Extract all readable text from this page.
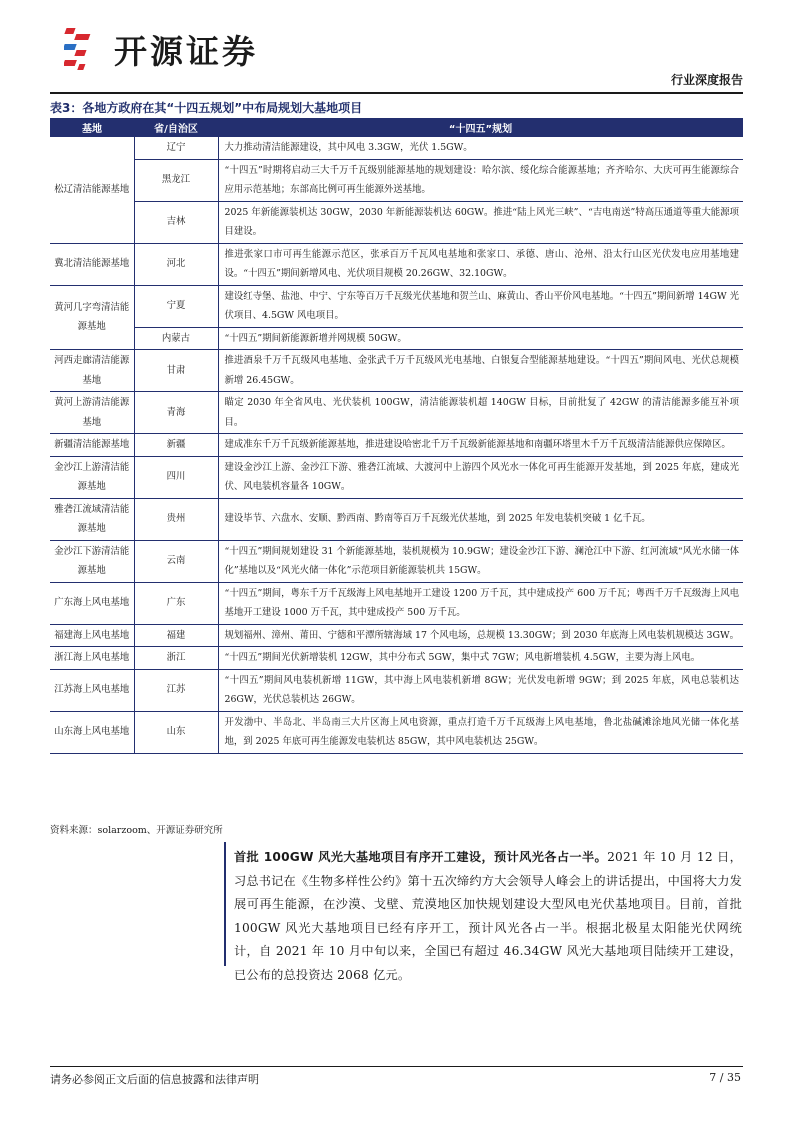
开源证券
行业深度报告
表3：各地方政府在其“十四五规划”中布局规划大基地项目
基地	省/自治区	“十四五”规划
松辽清洁能源基地	辽宁	大力推动清洁能源建设，其中风电 3.3GW，光伏 1.5GW。
	黑龙江	“十四五”时期将启动三大千万千瓦级别能源基地的规划建设：哈尔滨、绥化综合能源基地；齐齐哈尔、大庆可再生能源综合应用示范基地；东部高比例可再生能源外送基地。
	吉林	2025 年新能源装机达 30GW，2030 年新能源装机达 60GW。推进“陆上风光三峡”、“吉电南送”特高压通道等重大能源项目建设。
冀北清洁能源基地	河北	推进张家口市可再生能源示范区，张承百万千瓦风电基地和张家口、承德、唐山、沧州、沿太行山区光伏发电应用基地建设。“十四五”期间新增风电、光伏项目规模 20.26GW、32.10GW。
黄河几字弯清洁能源基地	宁夏	建设红寺堡、盐池、中宁、宁东等百万千瓦级光伏基地和贺兰山、麻黄山、香山平价风电基地。“十四五”期间新增 14GW 光伏项目、4.5GW 风电项目。
	内蒙古	“十四五”期间新能源新增并网规模 50GW。
河西走廊清洁能源基地	甘肃	推进酒泉千万千瓦级风电基地、金张武千万千瓦级风光电基地、白银复合型能源基地建设。“十四五”期间风电、光伏总规模新增 26.45GW。
黄河上游清洁能源基地	青海	瞄定 2030 年全省风电、光伏装机 100GW，清洁能源装机超 140GW 目标，目前批复了 42GW 的清洁能源多能互补项目。
新疆清洁能源基地	新疆	建成准东千万千瓦级新能源基地，推进建设哈密北千万千瓦级新能源基地和南疆环塔里木千万千瓦级清洁能源供应保障区。
金沙江上游清洁能源基地	四川	建设金沙江上游、金沙江下游、雅砻江流域、大渡河中上游四个风光水一体化可再生能源开发基地，到 2025 年底，建成光伏、风电装机容量各 10GW。
雅砻江流域清洁能源基地	贵州	建设毕节、六盘水、安顺、黔西南、黔南等百万千瓦级光伏基地，到 2025 年发电装机突破 1 亿千瓦。
金沙江下游清洁能源基地	云南	“十四五”期间规划建设 31 个新能源基地，装机规模为 10.9GW；建设金沙江下游、澜沧江中下游、红河流域“风光水储一体化”基地以及“风光火储一体化”示范项目新能源装机共 15GW。
广东海上风电基地	广东	“十四五”期间，粤东千万千瓦级海上风电基地开工建设 1200 万千瓦，其中建成投产 600 万千瓦；粤西千万千瓦级海上风电基地开工建设 1000 万千瓦，其中建成投产 500 万千瓦。
福建海上风电基地	福建	规划福州、漳州、莆田、宁德和平潭所辖海域 17 个风电场，总规模 13.30GW；到 2030 年底海上风电装机规模达 3GW。
浙江海上风电基地	浙江	“十四五”期间光伏新增装机 12GW，其中分布式 5GW，集中式 7GW；风电新增装机 4.5GW，主要为海上风电。
江苏海上风电基地	江苏	“十四五”期间风电装机新增 11GW，其中海上风电装机新增 8GW；光伏发电新增 9GW；到 2025 年底，风电总装机达 26GW，光伏总装机达 26GW。
山东海上风电基地	山东	开发渤中、半岛北、半岛南三大片区海上风电资源，重点打造千万千瓦级海上风电基地，鲁北盐碱滩涂地风光储一体化基地，到 2025 年底可再生能源发电装机达 85GW，其中风电装机达 25GW。
资料来源：solarzoom、开源证券研究所
首批 100GW 风光大基地项目有序开工建设，预计风光各占一半。2021 年 10 月 12 日，习总书记在《生物多样性公约》第十五次缔约方大会领导人峰会上的讲话提出，中国将大力发展可再生能源，在沙漠、戈壁、荒漠地区加快规划建设大型风电光伏基地项目。目前，首批 100GW 风光大基地项目已经有序开工，预计风光各占一半。根据北极星太阳能光伏网统计，自 2021 年 10 月中旬以来，全国已有超过 46.34GW 风光大基地项目陆续开工建设，已公布的总投资达 2068 亿元。
请务必参阅正文后面的信息披露和法律声明	7 / 35
